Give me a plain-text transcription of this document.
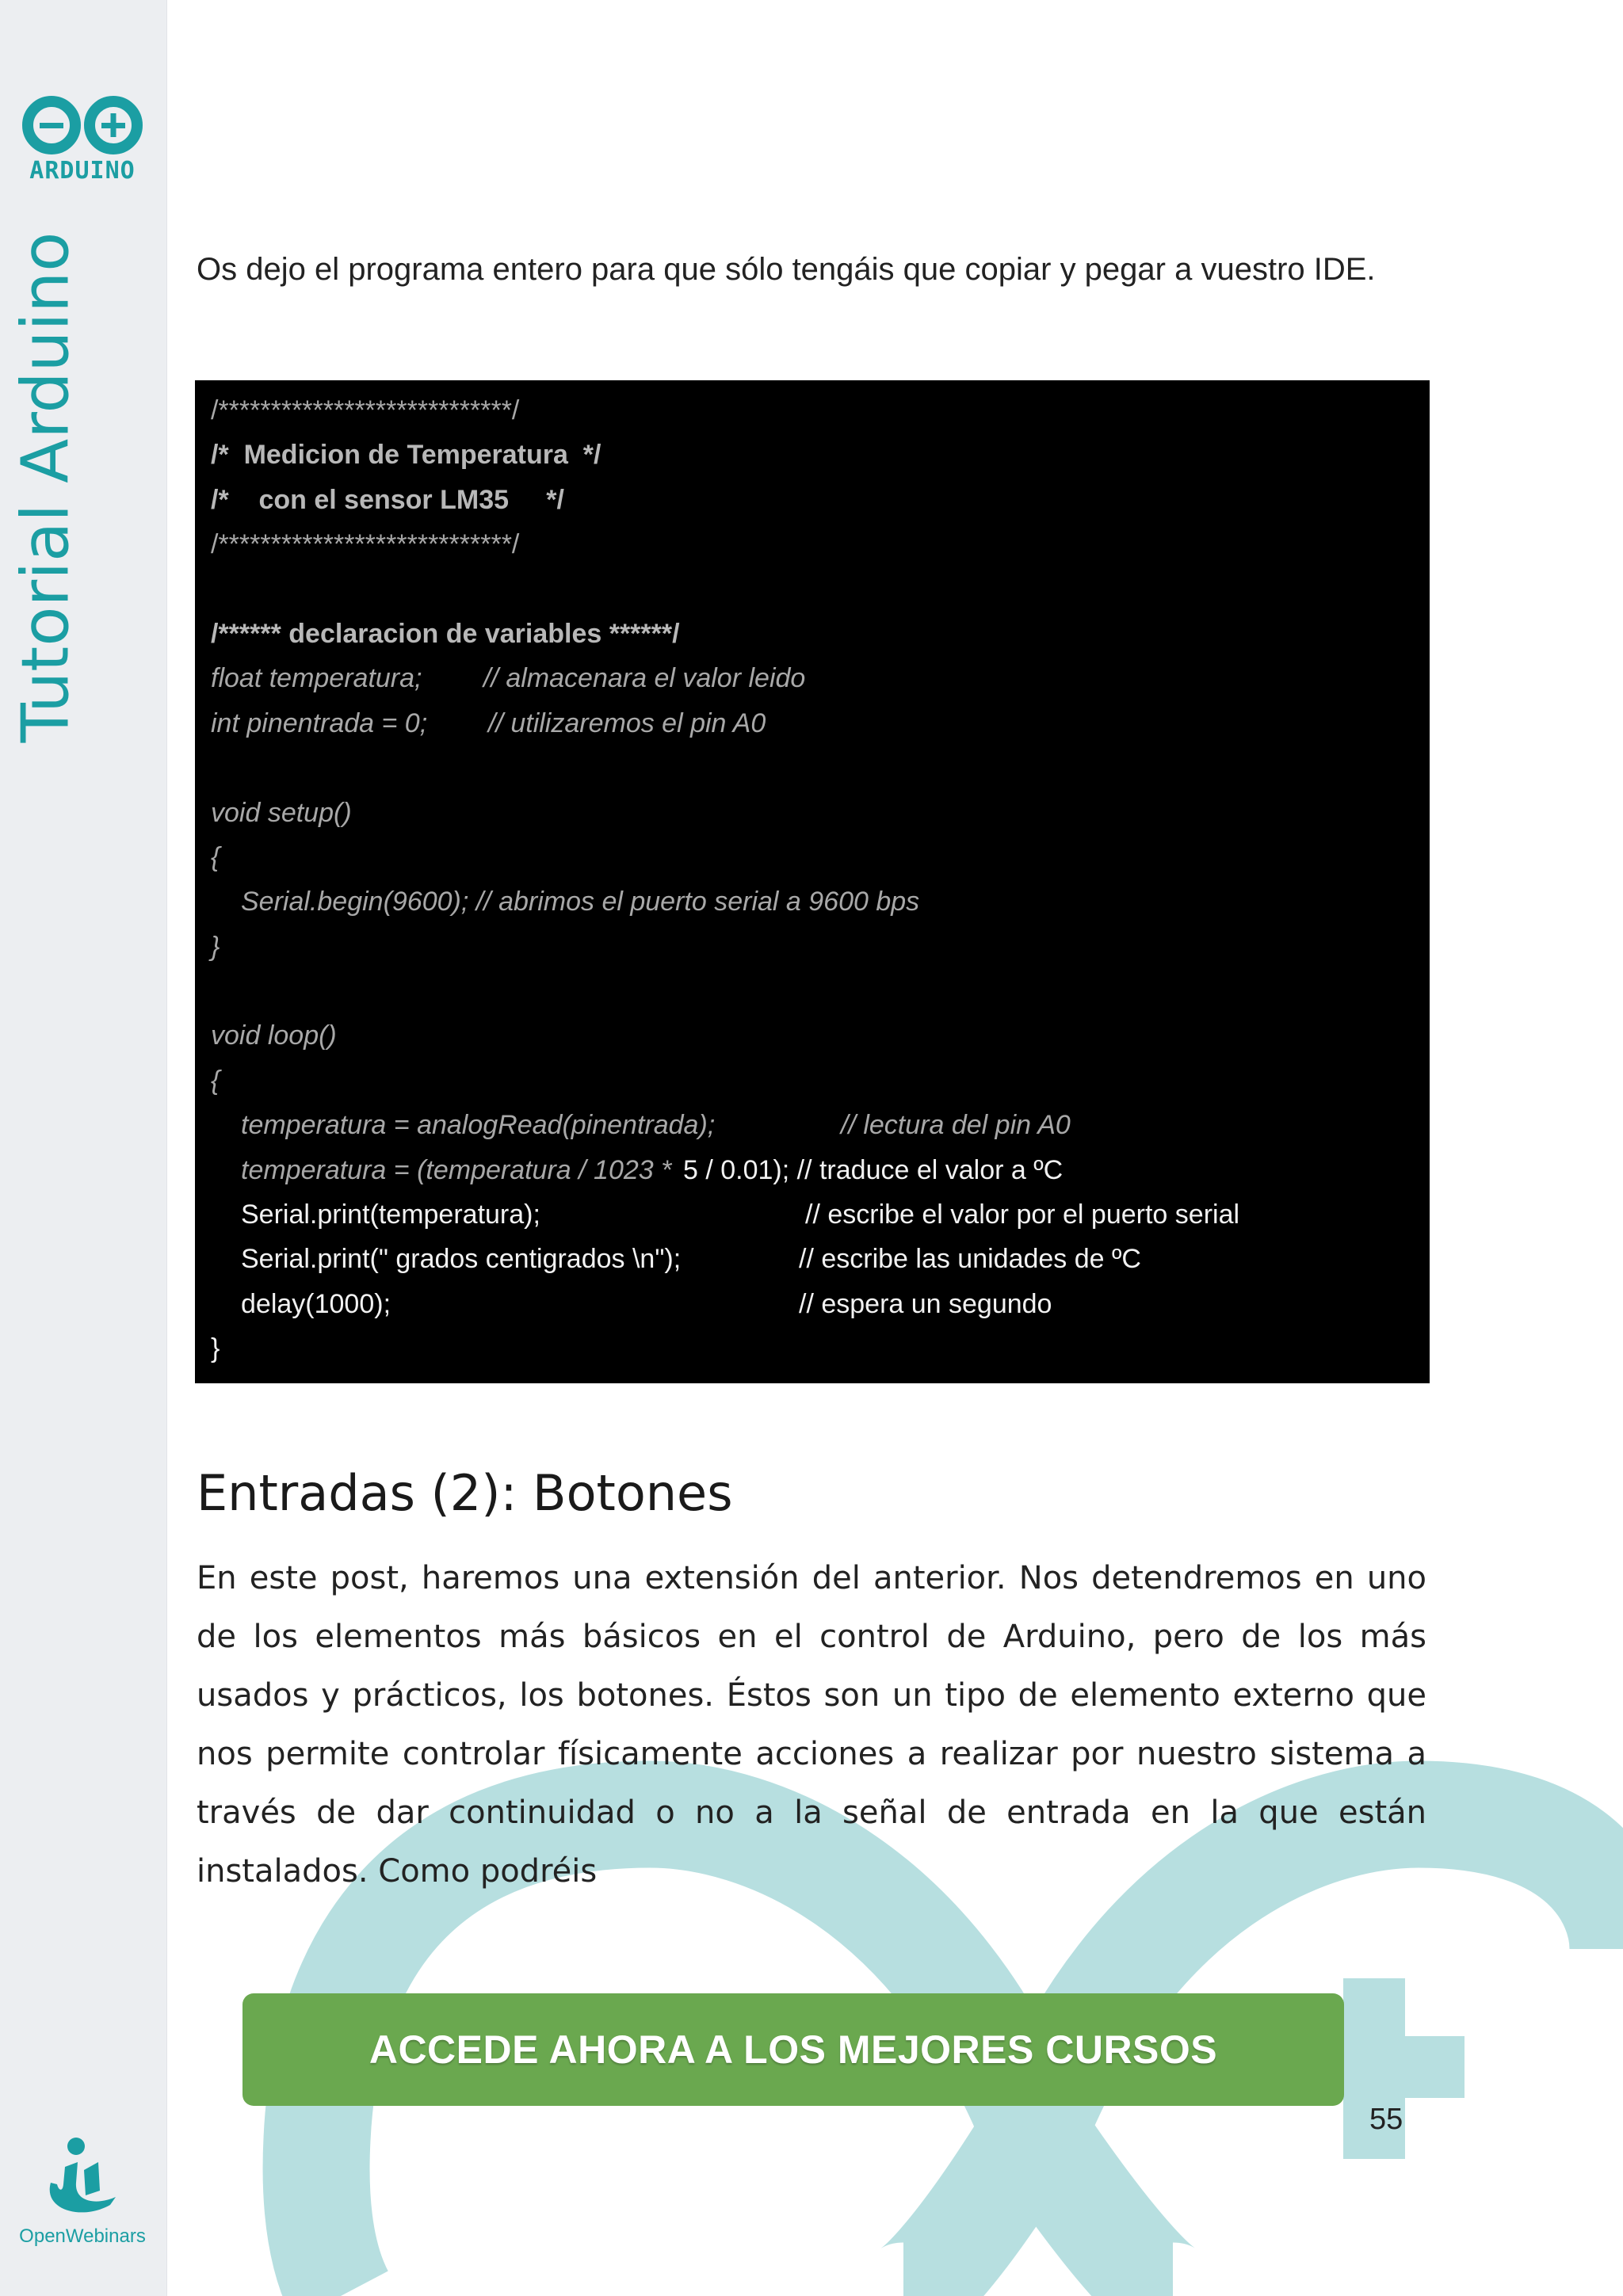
ARDUINO
Tutorial Arduino
OpenWebinars
Os dejo el programa entero para que sólo tengáis que copiar y pegar a vuestro IDE.
/****************************/
/*  Medicion de Temperatura  */
/*    con el sensor LM35     */
/****************************/
/****** declaracion de variables ******/

float temperatura;

// almacenara el valor leido

int pinentrada = 0;

// utilizaremos el pin A0

void setup()
{
Serial.begin(9600); // abrimos el puerto serial a 9600 bps
}
void loop()
{

temperatura = analogRead(pinentrada);

	// lectura del pin A0

temperatura = (temperatura / 1023 *

5 / 0.01); // traduce el valor a ºC

Serial.print(temperatura);

	// escribe el valor por el puerto serial

Serial.print(" grados centigrados \n");

	// escribe las unidades de ºC

delay(1000);

	// espera un segundo

}
Entradas (2): Botones
En este post, haremos una extensión del anterior. Nos detendremos en uno de los elementos más básicos en el control de Arduino, pero de los más usados y prácticos, los botones. Éstos son un tipo de elemento externo que nos permite controlar físicamente acciones a realizar por nuestro sistema a través de dar continuidad o no a la señal de entrada en la que están instalados. Como podréis
ACCEDE AHORA A LOS MEJORES CURSOS
55
